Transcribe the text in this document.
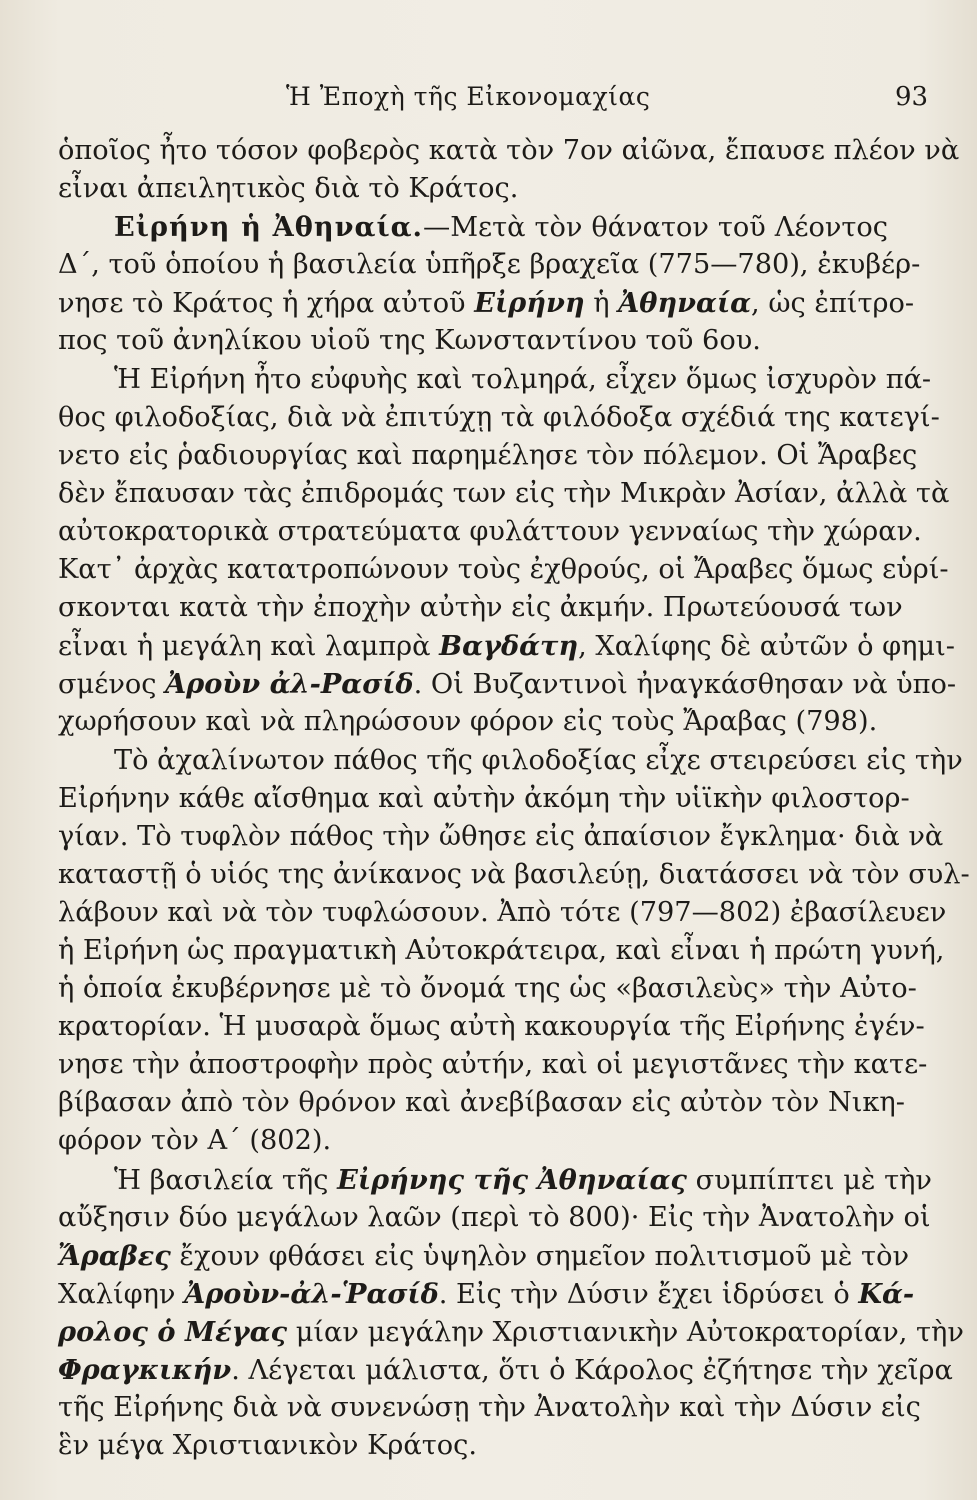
Ἡ Ἐποχὴ τῆς Εἰκονομαχίας	93
ὁποῖος ἦτο τόσον φοβερὸς κατὰ τὸν 7ον αἰῶνα, ἔπαυσε πλέον νὰ
εἶναι ἀπειλητικὸς διὰ τὸ Κράτος.
Εἰρήνη ἡ Ἀθηναία.—Μετὰ τὸν θάνατον τοῦ Λέοντος
Δ΄, τοῦ ὁποίου ἡ βασιλεία ὑπῆρξε βραχεῖα (775—780), ἐκυβέρ-
νησε τὸ Κράτος ἡ χήρα αὐτοῦ Εἰρήνη ἡ Ἀθηναία, ὡς ἐπίτρο-
πος τοῦ ἀνηλίκου υἱοῦ της Κωνσταντίνου τοῦ 6ου.
Ἡ Εἰρήνη ἦτο εὐφυὴς καὶ τολμηρά, εἶχεν ὅμως ἰσχυρὸν πά-
θος φιλοδοξίας, διὰ νὰ ἐπιτύχῃ τὰ φιλόδοξα σχέδιά της κατεγί-
νετο εἰς ῥαδιουργίας καὶ παρημέλησε τὸν πόλεμον. Οἱ Ἄραβες
δὲν ἔπαυσαν τὰς ἐπιδρομάς των εἰς τὴν Μικρὰν Ἀσίαν, ἀλλὰ τὰ
αὐτοκρατορικὰ στρατεύματα φυλάττουν γενναίως τὴν χώραν.
Κατ᾽ ἀρχὰς κατατροπώνουν τοὺς ἐχθρούς, οἱ Ἄραβες ὅμως εὑρί-
σκονται κατὰ τὴν ἐποχὴν αὐτὴν εἰς ἀκμήν. Πρωτεύουσά των
εἶναι ἡ μεγάλη καὶ λαμπρὰ Βαγδάτη, Χαλίφης δὲ αὐτῶν ὁ φημι-
σμένος Ἀροὺν ἀλ-Ρασίδ. Οἱ Βυζαντινοὶ ἠναγκάσθησαν νὰ ὑπο-
χωρήσουν καὶ νὰ πληρώσουν φόρον εἰς τοὺς Ἄραβας (798).
Τὸ ἀχαλίνωτον πάθος τῆς φιλοδοξίας εἶχε στειρεύσει εἰς τὴν
Εἰρήνην κάθε αἴσθημα καὶ αὐτὴν ἀκόμη τὴν υἱϊκὴν φιλοστορ-
γίαν. Τὸ τυφλὸν πάθος τὴν ὤθησε εἰς ἀπαίσιον ἔγκλημα· διὰ νὰ
καταστῇ ὁ υἱός της ἀνίκανος νὰ βασιλεύῃ, διατάσσει νὰ τὸν συλ-
λάβουν καὶ νὰ τὸν τυφλώσουν. Ἀπὸ τότε (797—802) ἐβασίλευεν
ἡ Εἰρήνη ὡς πραγματικὴ Αὐτοκράτειρα, καὶ εἶναι ἡ πρώτη γυνή,
ἡ ὁποία ἐκυβέρνησε μὲ τὸ ὄνομά της ὡς «βασιλεὺς» τὴν Αὐτο-
κρατορίαν. Ἡ μυσαρὰ ὅμως αὐτὴ κακουργία τῆς Εἰρήνης ἐγέν-
νησε τὴν ἀποστροφὴν πρὸς αὐτήν, καὶ οἱ μεγιστᾶνες τὴν κατε-
βίβασαν ἀπὸ τὸν θρόνον καὶ ἀνεβίβασαν εἰς αὐτὸν τὸν Νικη-
φόρον τὸν Α΄ (802).
Ἡ βασιλεία τῆς Εἰρήνης τῆς Ἀθηναίας συμπίπτει μὲ τὴν
αὔξησιν δύο μεγάλων λαῶν (περὶ τὸ 800)· Εἰς τὴν Ἀνατολὴν οἱ
Ἄραβες ἔχουν φθάσει εἰς ὑψηλὸν σημεῖον πολιτισμοῦ μὲ τὸν
Χαλίφην Ἀροὺν-ἀλ-Ῥασίδ. Εἰς τὴν Δύσιν ἔχει ἱδρύσει ὁ Κά-
ρολος ὁ Μέγας μίαν μεγάλην Χριστιανικὴν Αὐτοκρατορίαν, τὴν
Φραγκικήν. Λέγεται μάλιστα, ὅτι ὁ Κάρολος ἐζήτησε τὴν χεῖρα
τῆς Εἰρήνης διὰ νὰ συνενώσῃ τὴν Ἀνατολὴν καὶ τὴν Δύσιν εἰς
ἓν μέγα Χριστιανικὸν Κράτος.
